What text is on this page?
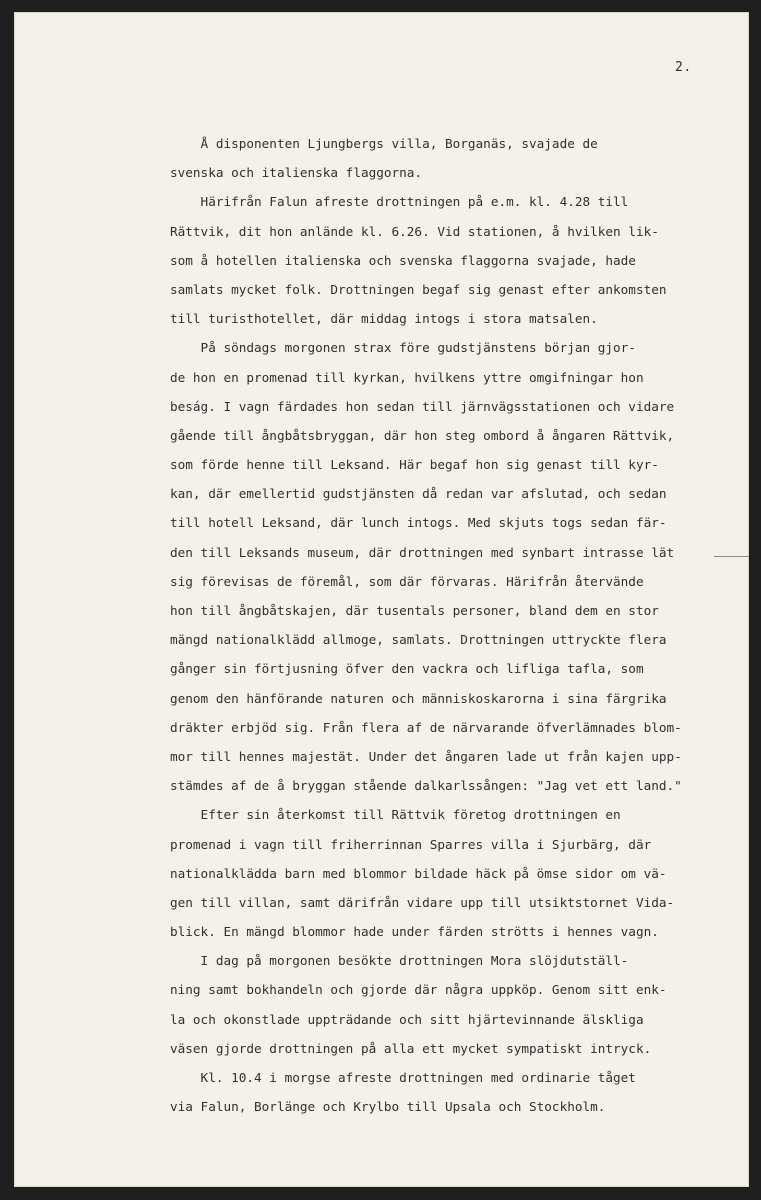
2.
Å disponenten Ljungbergs villa, Borganäs, svajade de
svenska och italienska flaggorna.
Härifrån Falun afreste drottningen på e.m. kl. 4.28 till
Rättvik, dit hon anlände kl. 6.26. Vid stationen, å hvilken lik-
som å hotellen italienska och svenska flaggorna svajade, hade
samlats mycket folk. Drottningen begaf sig genast efter ankomsten
till turisthotellet, där middag intogs i stora matsalen.
På söndags morgonen strax före gudstjänstens början gjor-
de hon en promenad till kyrkan, hvilkens yttre omgifningar hon
beság. I vagn färdades hon sedan till järnvägsstationen och vidare
gående till ångbåtsbryggan, där hon steg ombord å ångaren Rättvik,
som förde henne till Leksand. Här begaf hon sig genast till kyr-
kan, där emellertid gudstjänsten då redan var afslutad, och sedan
till hotell Leksand, där lunch intogs. Med skjuts togs sedan fär-
den till Leksands museum, där drottningen med synbart intrasse lät
sig förevisas de föremål, som där förvaras. Härifrån återvände
hon till ångbåtskajen, där tusentals personer, bland dem en stor
mängd nationalklädd allmoge, samlats. Drottningen uttryckte flera
gånger sin förtjusning öfver den vackra och lifliga tafla, som
genom den hänförande naturen och människoskarorna i sina färgrika
dräkter erbjöd sig. Från flera af de närvarande öfverlämnades blom-
mor till hennes majestät. Under det ångaren lade ut från kajen upp-
stämdes af de å bryggan stående dalkarlssången: "Jag vet ett land."
Efter sin återkomst till Rättvik företog drottningen en
promenad i vagn till friherrinnan Sparres villa i Sjurbärg, där
nationalklädda barn med blommor bildade häck på ömse sidor om vä-
gen till villan, samt därifrån vidare upp till utsiktstornet Vida-
blick. En mängd blommor hade under färden strötts i hennes vagn.
I dag på morgonen besökte drottningen Mora slöjdutställ-
ning samt bokhandeln och gjorde där några uppköp. Genom sitt enk-
la och okonstlade uppträdande och sitt hjärtevinnande älskliga
väsen gjorde drottningen på alla ett mycket sympatiskt intryck.
Kl. 10.4 i morgse afreste drottningen med ordinarie tåget
via Falun, Borlänge och Krylbo till Upsala och Stockholm.
